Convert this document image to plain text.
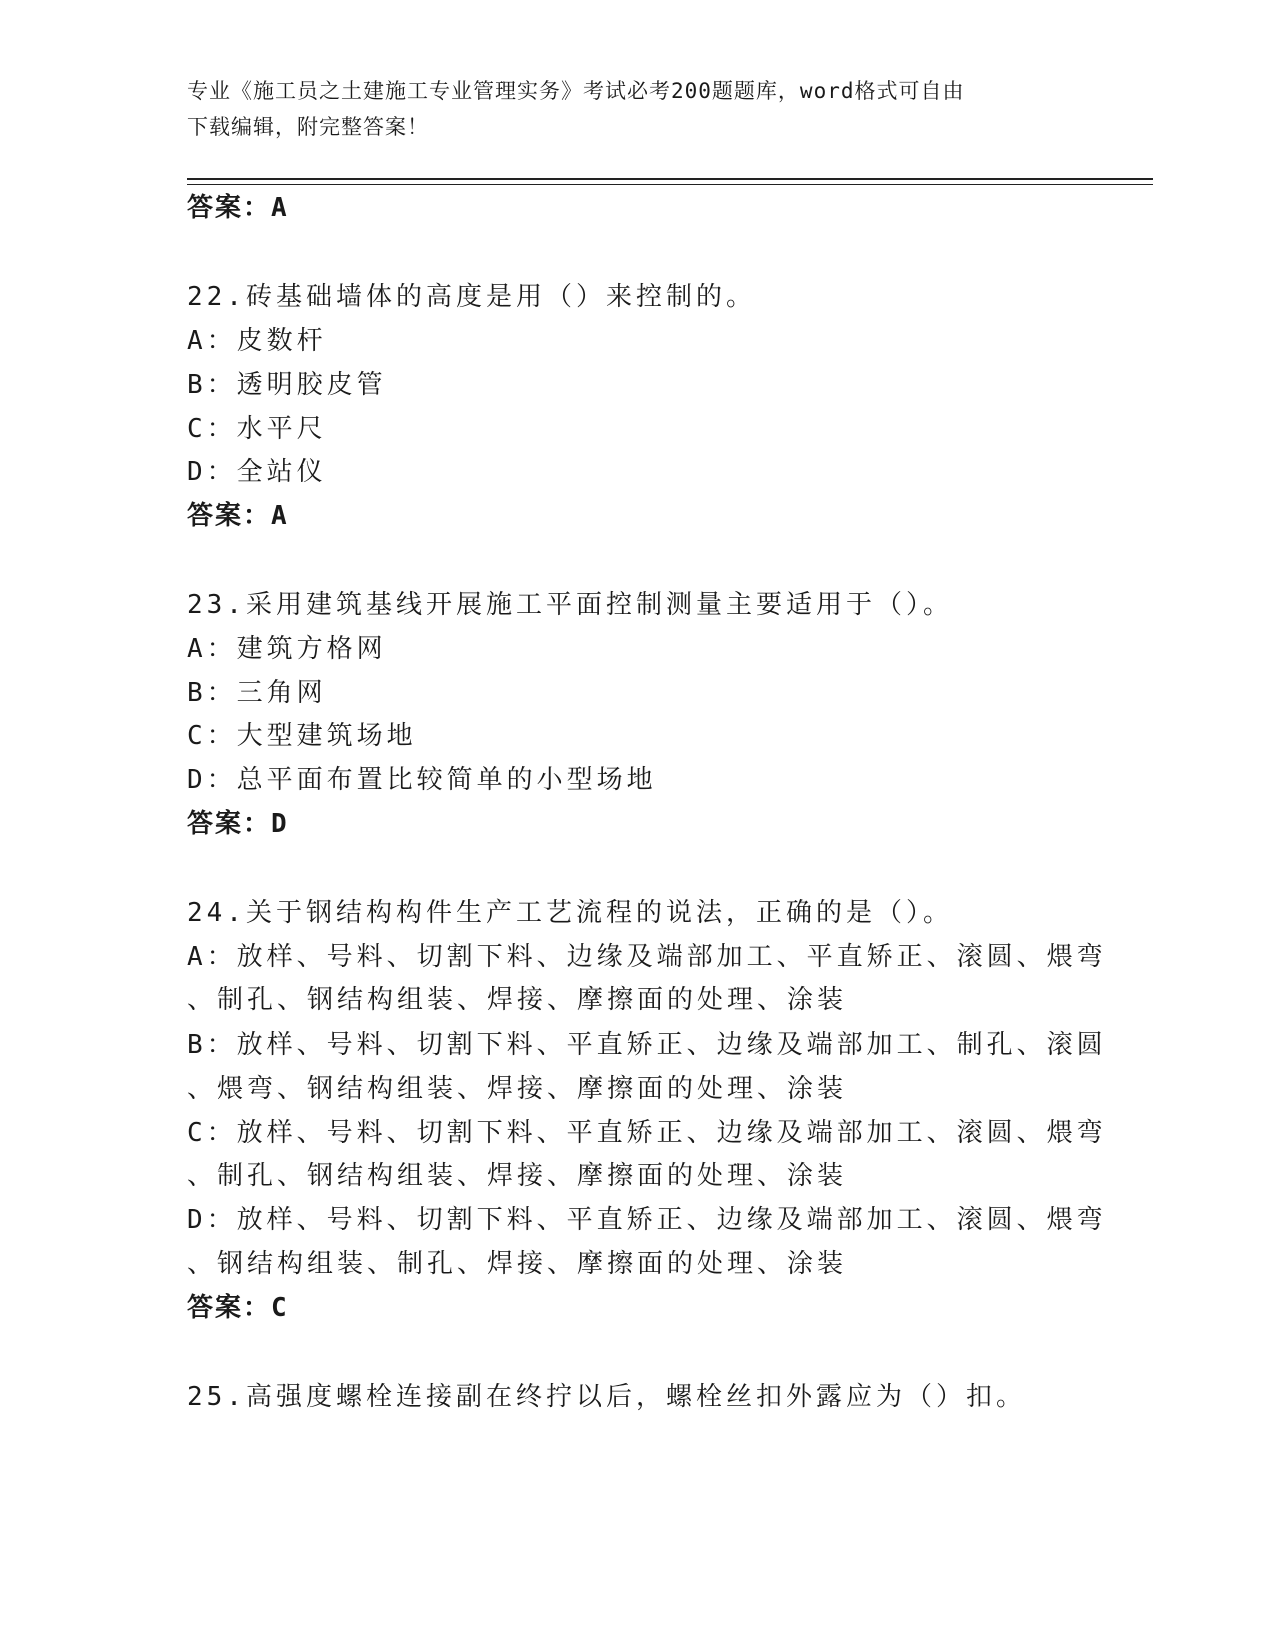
专业《施工员之土建施工专业管理实务》考试必考200题题库，word格式可自由
下载编辑，附完整答案！
答案：A
22.砖基础墙体的高度是用（）来控制的。
A：皮数杆
B：透明胶皮管
C：水平尺
D：全站仪
答案：A
23.采用建筑基线开展施工平面控制测量主要适用于（）。
A：建筑方格网
B：三角网
C：大型建筑场地
D：总平面布置比较简单的小型场地
答案：D
24.关于钢结构构件生产工艺流程的说法，正确的是（）。
A：放样、号料、切割下料、边缘及端部加工、平直矫正、滚圆、煨弯
、制孔、钢结构组装、焊接、摩擦面的处理、涂装
B：放样、号料、切割下料、平直矫正、边缘及端部加工、制孔、滚圆
、煨弯、钢结构组装、焊接、摩擦面的处理、涂装
C：放样、号料、切割下料、平直矫正、边缘及端部加工、滚圆、煨弯
、制孔、钢结构组装、焊接、摩擦面的处理、涂装
D：放样、号料、切割下料、平直矫正、边缘及端部加工、滚圆、煨弯
、钢结构组装、制孔、焊接、摩擦面的处理、涂装
答案：C
25.高强度螺栓连接副在终拧以后，螺栓丝扣外露应为（）扣。
